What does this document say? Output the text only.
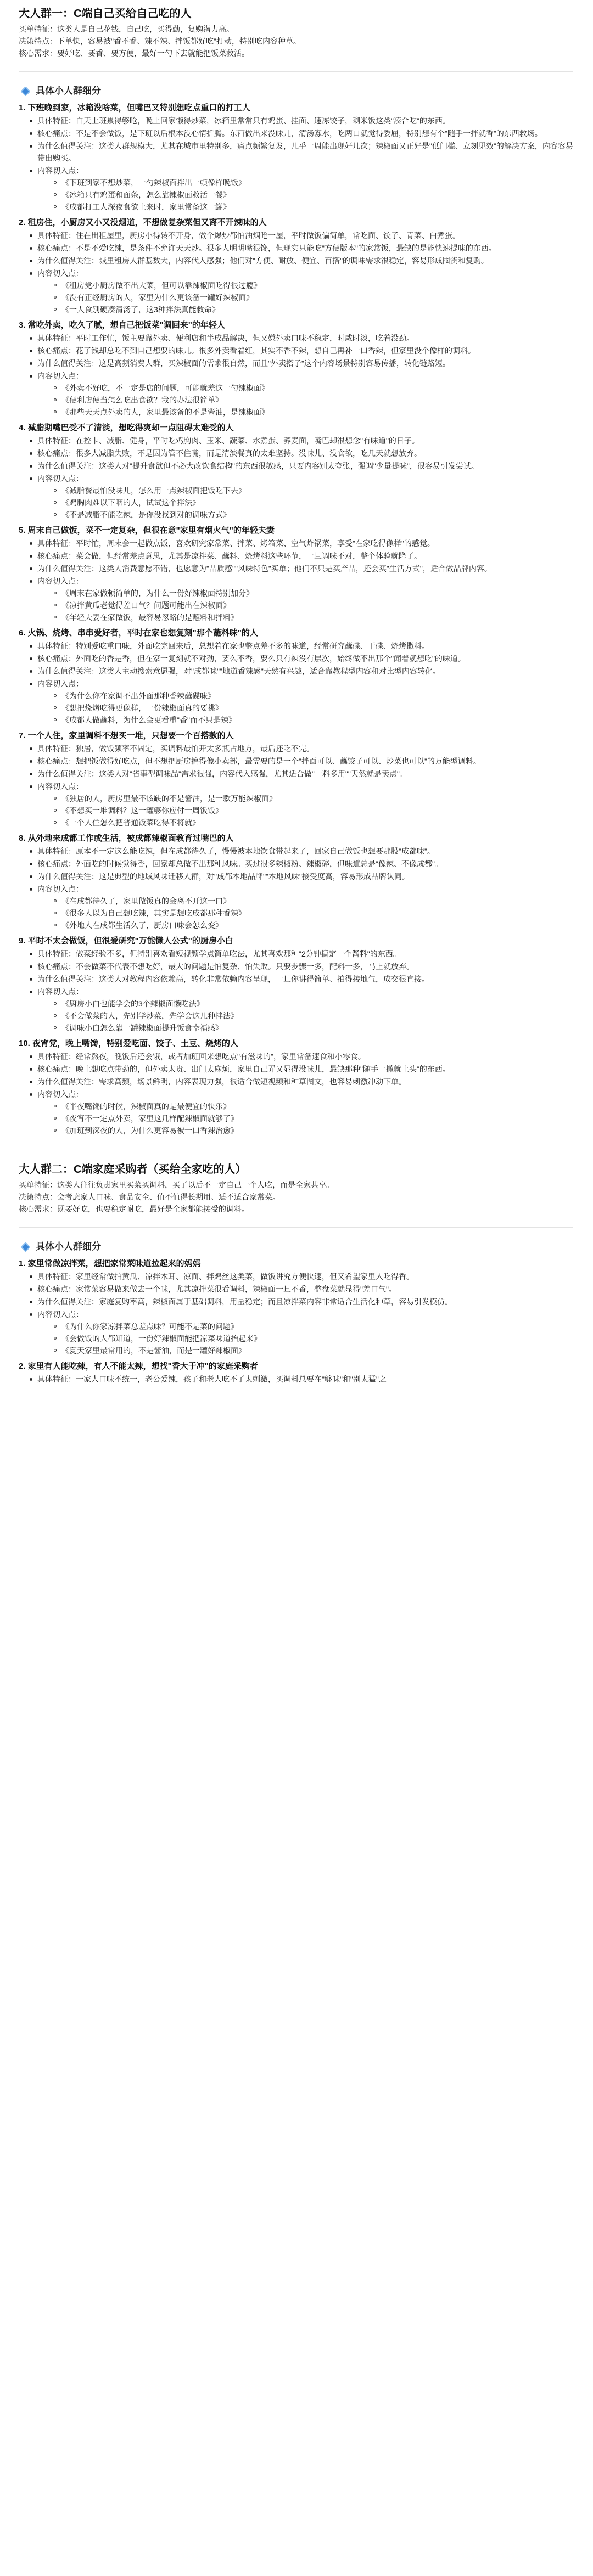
大人群一：C端自己买给自己吃的人
买单特征：这类人是自己花钱，自己吃，买得勤，复购潜力高。
决策特点：下单快，容易被"香不香、辣不辣、拌饭都好吃"打动，特别吃内容种草。
核心需求：要好吃、要香、要方便，最好一勺下去就能把饭菜救活。
具体小人群细分
1. 下班晚到家，冰箱没啥菜，但嘴巴又特别想吃点重口的打工人
具体特征：白天上班累得够呛，晚上回家懒得炒菜，冰箱里常常只有鸡蛋、挂面、速冻饺子，剩米饭这类"凑合吃"的东西。
核心痛点：不是不会做饭，是下班以后根本没心情折腾。东西做出来没味儿，清汤寡水，吃两口就觉得委屈，特别想有个"随手一拌就香"的东西救场。
为什么值得关注：这类人群规模大，尤其在城市里特别多，痛点频繁复发，几乎一周能出现好几次；辣椒面又正好是"低门槛、立刻见效"的解决方案，内容容易带出购买。
内容切入点：
《下班到家不想炒菜，一勺辣椒面拌出一顿像样晚饭》
《冰箱只有鸡蛋和面条，怎么靠辣椒面救活一餐》
《成都打工人深夜食欲上来时，家里常备这一罐》
2. 租房住，小厨房又小又没烟道，不想做复杂菜但又离不开辣味的人
具体特征：住在出租屋里，厨房小得转不开身，做个爆炒都怕油烟呛一屋，平时做饭偏简单，常吃面、饺子、青菜、白煮蛋。
核心痛点：不是不爱吃辣，是条件不允许天天炒。很多人明明嘴很馋，但现实只能吃"方便版本"的家常饭，最缺的是能快速提味的东西。
为什么值得关注：城里租房人群基数大，内容代入感强；他们对"方便、耐放、便宜、百搭"的调味需求很稳定，容易形成囤货和复购。
内容切入点：
《租房党小厨房做不出大菜，但可以靠辣椒面吃得很过瘾》
《没有正经厨房的人，家里为什么更该备一罐好辣椒面》
《一人食别硬凑清汤了，这3种拌法真能救命》
3. 常吃外卖，吃久了腻，想自己把饭菜"调回来"的年轻人
具体特征：平时工作忙，饭主要靠外卖、便利店和半成品解决，但又嫌外卖口味不稳定，时咸时淡，吃着没劲。
核心痛点：花了钱却总吃不到自己想要的味儿。很多外卖看着红，其实不香不辣，想自己再补一口香辣，但家里没个像样的调料。
为什么值得关注：这是高频消费人群，买辣椒面的需求很自然，而且"外卖搭子"这个内容场景特别容易传播，转化链路短。
内容切入点：
《外卖不好吃，不一定是店的问题，可能就差这一勺辣椒面》
《便利店便当怎么吃出食欲？我的办法很简单》
《那些天天点外卖的人，家里最该备的不是酱油，是辣椒面》
4. 减脂期嘴巴受不了清淡，想吃得爽却一点阻碍太难受的人
具体特征：在控卡、减脂、健身，平时吃鸡胸肉、玉米、蔬菜、水煮蛋、荞麦面，嘴巴却很想念"有味道"的日子。
核心痛点：很多人减脂失败，不是因为管不住嘴，而是清淡餐真的太难坚持。没味儿、没食欲，吃几天就想放弃。
为什么值得关注：这类人对"提升食欲但不必大改饮食结构"的东西很敏感，只要内容别太夸张，强调"少量提味"，很容易引发尝试。
内容切入点：
《减脂餐最怕没味儿，怎么用一点辣椒面把饭吃下去》
《鸡胸肉难以下咽的人，试试这个拌法》
《不是减脂不能吃辣，是你没找到对的调味方式》
5. 周末自己做饭，菜不一定复杂，但很在意"家里有烟火气"的年轻夫妻
具体特征：平时忙，周末会一起做点饭，喜欢研究家常菜、拌菜、烤箱菜、空气炸锅菜，享受"在家吃得像样"的感觉。
核心痛点：菜会做，但经常差点意思，尤其是凉拌菜、蘸料、烧烤料这些环节，一旦调味不对，整个体验就降了。
为什么值得关注：这类人消费意愿不错，也愿意为"品质感""风味特色"买单；他们不只是买产品，还会买"生活方式"，适合做品牌内容。
内容切入点：
《周末在家做顿简单的，为什么一份好辣椒面特别加分》
《凉拌黄瓜老觉得差口气？问题可能出在辣椒面》
《年轻夫妻在家做饭，最容易忽略的是蘸料和拌料》
6. 火锅、烧烤、串串爱好者，平时在家也想复刻"那个蘸料味"的人
具体特征：特别爱吃重口味，外面吃完回来后，总想着在家也整点差不多的味道，经常研究蘸碟、干碟、烧烤撒料。
核心痛点：外面吃的香是香，但在家一复刻就不对劲，要么不香，要么只有辣没有层次，始终做不出那个"闻着就想吃"的味道。
为什么值得关注：这类人主动搜索意愿强，对"成都味""地道香辣感"天然有兴趣，适合靠教程型内容和对比型内容转化。
内容切入点：
《为什么你在家调不出外面那种香辣蘸碟味》
《想把烧烤吃得更像样，一份辣椒面真的要挑》
《成都人做蘸料，为什么会更看重"香"而不只是辣》
7. 一个人住，家里调料不想买一堆，只想要一个百搭款的人
具体特征：独居，做饭频率不固定，买调料最怕开太多瓶占地方，最后还吃不完。
核心痛点：想把饭做得好吃点，但不想把厨房搞得像小卖部，最需要的是一个"拌面可以、蘸饺子可以、炒菜也可以"的万能型调料。
为什么值得关注：这类人对"省事型调味品"需求很强，内容代入感强，尤其适合做"一料多用""天然就是卖点"。
内容切入点：
《独居的人，厨房里最不该缺的不是酱油，是一款万能辣椒面》
《不想买一堆调料？这一罐够你应付一周饭饭》
《一个人住怎么把普通饭菜吃得不将就》
8. 从外地来成都工作或生活，被成都辣椒面教育过嘴巴的人
具体特征：原本不一定这么能吃辣，但在成都待久了，慢慢被本地饮食带起来了，回家自己做饭也想要那股"成都味"。
核心痛点：外面吃的时候觉得香，回家却总做不出那种风味。买过很多辣椒粉、辣椒碎，但味道总是"像辣、不像成都"。
为什么值得关注：这是典型的地域风味迁移人群，对"成都本地品牌""本地风味"接受度高，容易形成品牌认同。
内容切入点：
《在成都待久了，家里做饭真的会离不开这一口》
《很多人以为自己想吃辣，其实是想吃成都那种香辣》
《外地人在成都生活久了，厨房口味会怎么变》
9. 平时不太会做饭，但很爱研究"万能懒人公式"的厨房小白
具体特征：做菜经验不多，但特别喜欢看短视频学点简单吃法，尤其喜欢那种"2分钟搞定一个酱料"的东西。
核心痛点：不会做菜不代表不想吃好，最大的问题是怕复杂、怕失败。只要步骤一多，配料一多，马上就放弃。
为什么值得关注：这类人对教程内容依赖高，转化非常依赖内容呈现，一旦你讲得简单、拍得接地气，成交很直接。
内容切入点：
《厨房小白也能学会的3个辣椒面懒吃法》
《不会做菜的人，先别学炒菜，先学会这几种拌法》
《调味小白怎么靠一罐辣椒面提升饭食幸福感》
10. 夜宵党，晚上嘴馋，特别爱吃面、饺子、土豆、烧烤的人
具体特征：经常熬夜，晚饭后还会饿，或者加班回来想吃点"有滋味的"，家里常备速食和小零食。
核心痛点：晚上想吃点带劲的，但外卖太贵、出门太麻烦，家里自己弄又显得没味儿，最缺那种"随手一撒就上头"的东西。
为什么值得关注：需求高频，场景鲜明，内容表现力强，很适合做短视频和种草图文，也容易刺激冲动下单。
内容切入点：
《半夜嘴馋的时候，辣椒面真的是最便宜的快乐》
《夜宵不一定点外卖，家里这几样配辣椒面就够了》
《加班到深夜的人，为什么更容易被一口香辣治愈》
大人群二：C端家庭采购者（买给全家吃的人）
买单特征：这类人往往负责家里买菜买调料，买了以后不一定自己一个人吃，而是全家共享。
决策特点：会考虑家人口味、食品安全、值不值得长期用、适不适合家常菜。
核心需求：既要好吃，也要稳定耐吃，最好是全家都能接受的调料。
具体小人群细分
1. 家里常做凉拌菜，想把家常菜味道拉起来的妈妈
具体特征：家里经常做拍黄瓜、凉拌木耳、凉面、拌鸡丝这类菜，做饭讲究方便快速，但又希望家里人吃得香。
核心痛点：家常菜容易做来做去一个味，尤其凉拌菜很看调料，辣椒面一旦不香，整盘菜就显得"差口气"。
为什么值得关注：家庭复购率高，辣椒面属于基础调料，用量稳定；而且凉拌菜内容非常适合生活化种草，容易引发模仿。
内容切入点：
《为什么你家凉拌菜总差点味？可能不是菜的问题》
《会做饭的人都知道，一份好辣椒面能把凉菜味道抬起来》
《夏天家里最常用的，不是酱油，而是一罐好辣椒面》
2. 家里有人能吃辣，有人不能太辣，想找"香大于冲"的家庭采购者
具体特征：一家人口味不统一，老公爱辣，孩子和老人吃不了太刺激，买调料总要在"够味"和"别太猛"之
